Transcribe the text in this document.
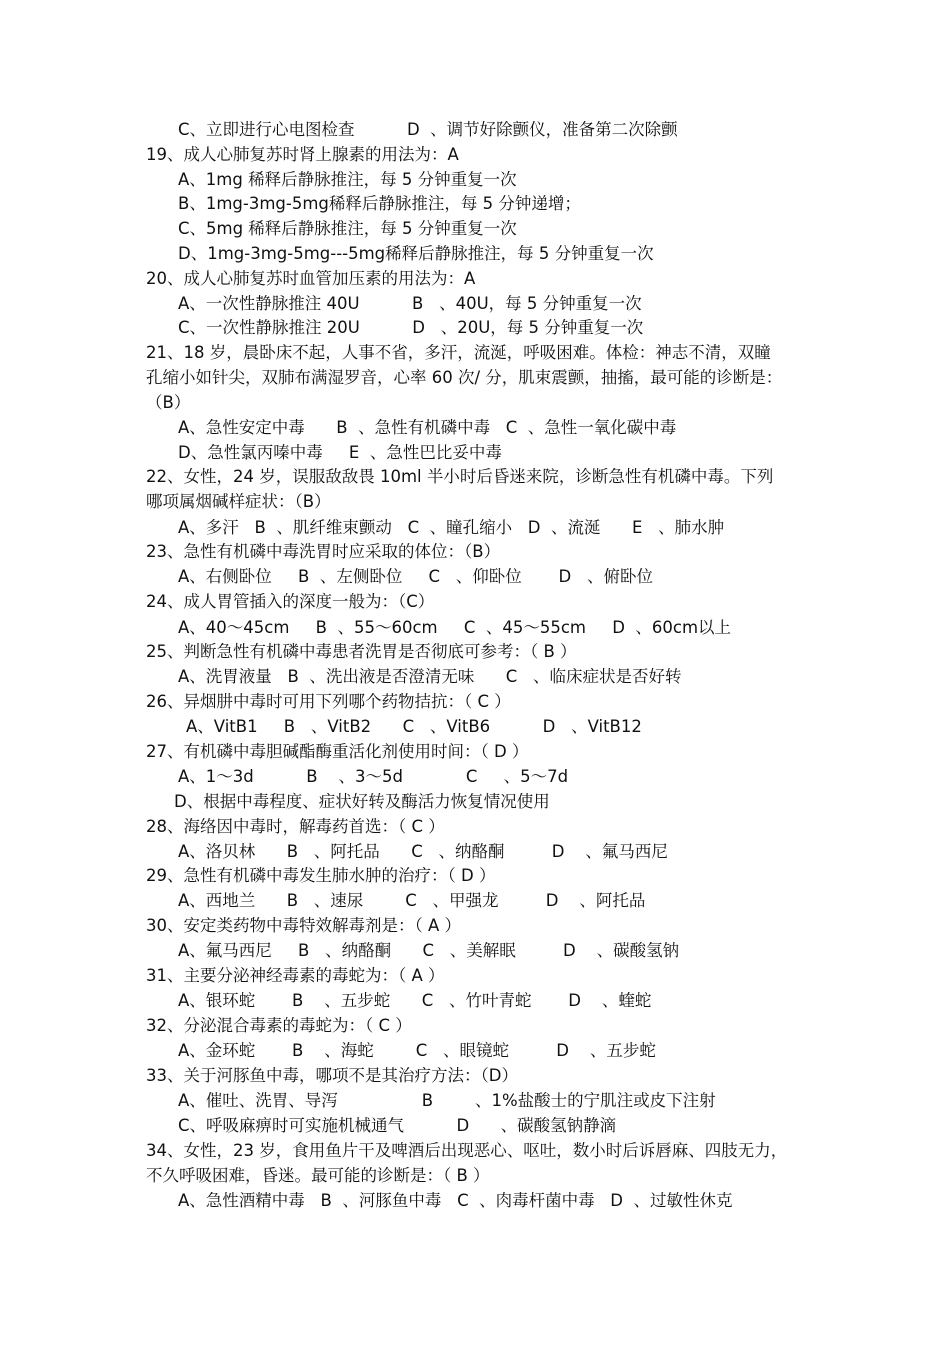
C、立即进行心电图检查          D  、调节好除颤仪，准备第二次除颤

19、成人心肺复苏时肾上腺素的用法为：A

A、1mg 稀释后静脉推注，每 5 分钟重复一次

B、1mg-3mg-5mg稀释后静脉推注，每 5 分钟递增；

C、5mg 稀释后静脉推注，每 5 分钟重复一次

D、1mg-3mg-5mg---5mg稀释后静脉推注，每 5 分钟重复一次

20、成人心肺复苏时血管加压素的用法为：A

A、一次性静脉推注 40U          B   、40U，每 5 分钟重复一次

C、一次性静脉推注 20U          D   、20U，每 5 分钟重复一次

21、18 岁，晨卧床不起，人事不省，多汗，流涎，呼吸困难。体检：神志不清，双瞳

孔缩小如针尖，双肺布满湿罗音，心率 60 次/ 分，肌束震颤，抽搐，最可能的诊断是：

（B）

A、急性安定中毒      B  、急性有机磷中毒   C  、急性一氧化碳中毒

D、急性氯丙嗪中毒     E  、急性巴比妥中毒

22、女性，24 岁，误服敌敌畏 10ml 半小时后昏迷来院，诊断急性有机磷中毒。下列

哪项属烟碱样症状：（B）

A、多汗   B  、肌纤维束颤动   C  、瞳孔缩小   D  、流涎      E   、肺水肿

23、急性有机磷中毒洗胃时应采取的体位：（B）

A、右侧卧位     B  、左侧卧位     C   、仰卧位       D   、俯卧位

24、成人胃管插入的深度一般为：（C）

A、40～45cm     B  、55～60cm     C  、45～55cm     D  、60cm以上

25、判断急性有机磷中毒患者洗胃是否彻底可参考：（ B ）

A、洗胃液量   B  、洗出液是否澄清无味      C   、临床症状是否好转

26、异烟肼中毒时可用下列哪个药物拮抗：（ C ）

A、VitB1     B   、VitB2      C   、VitB6          D   、VitB12

27、有机磷中毒胆碱酯酶重活化剂使用时间：（ D ）

A、1～3d          B    、3～5d            C     、5～7d

D、根据中毒程度、症状好转及酶活力恢复情况使用

28、海络因中毒时，解毒药首选：（ C ）

A、洛贝林      B   、阿托品      C   、纳酪酮         D    、氟马西尼

29、急性有机磷中毒发生肺水肿的治疗：（ D ）

A、西地兰      B   、速尿        C   、甲强龙         D    、阿托品

30、安定类药物中毒特效解毒剂是：（ A ）

A、氟马西尼     B   、纳酪酮      C   、美解眠         D    、碳酸氢钠

31、主要分泌神经毒素的毒蛇为：（ A ）

A、银环蛇       B    、五步蛇      C   、竹叶青蛇       D    、蝰蛇

32、分泌混合毒素的毒蛇为：（ C ）

A、金环蛇       B    、海蛇        C   、眼镜蛇         D    、五步蛇

33、关于河豚鱼中毒，哪项不是其治疗方法：（D）

A、催吐、洗胃、导泻                B        、1%盐酸士的宁肌注或皮下注射

C、呼吸麻痹时可实施机械通气          D      、碳酸氢钠静滴

34、女性，23 岁，食用鱼片干及啤酒后出现恶心、呕吐，数小时后诉唇麻、四肢无力，

不久呼吸困难，昏迷。最可能的诊断是：（ B ）

A、急性酒精中毒   B  、河豚鱼中毒   C  、肉毒杆菌中毒   D  、过敏性休克
